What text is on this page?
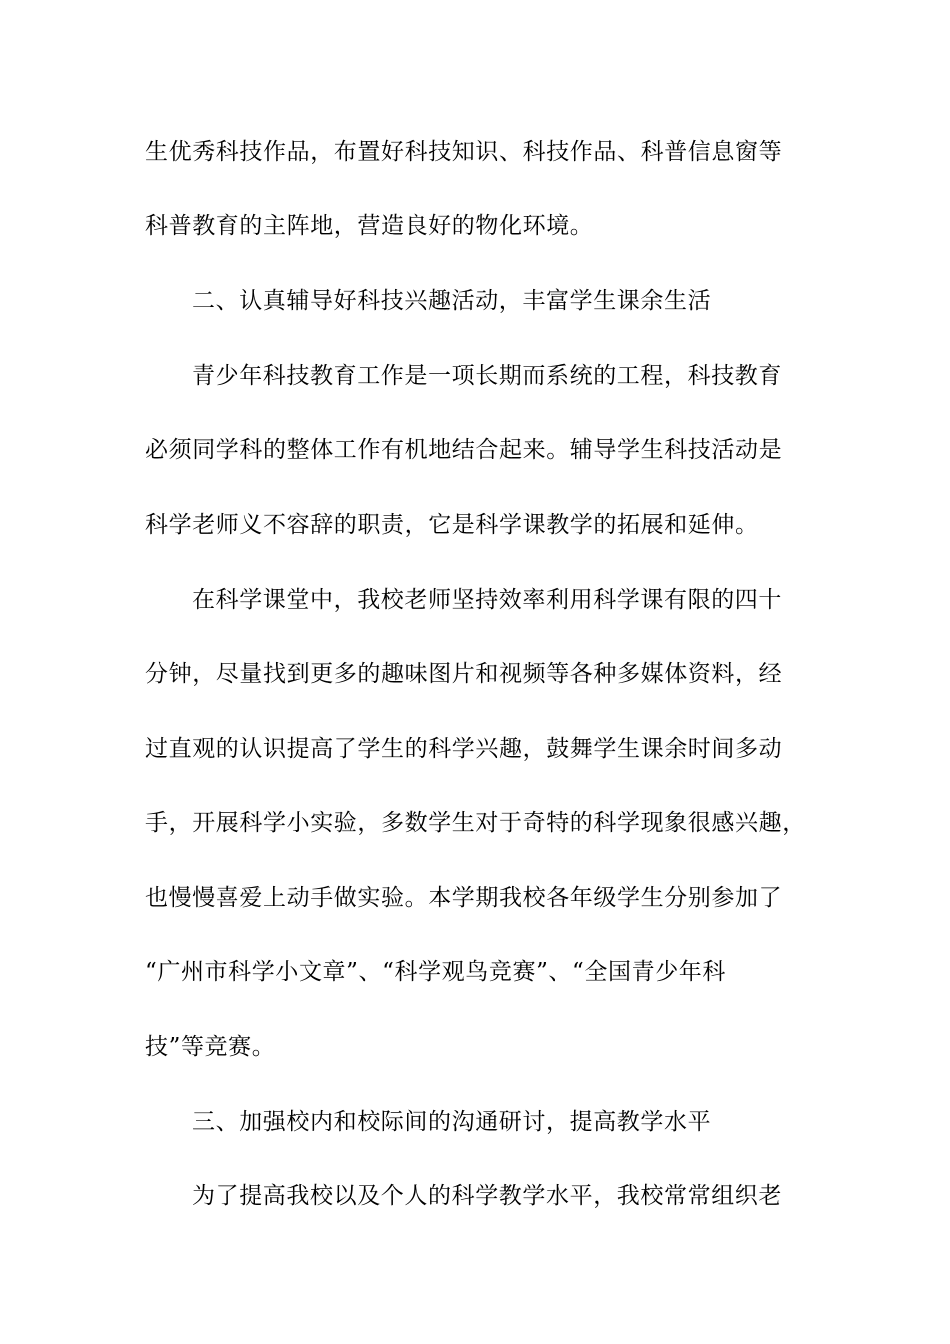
生优秀科技作品，布置好科技知识、科技作品、科普信息窗等
科普教育的主阵地，营造良好的物化环境。
二、认真辅导好科技兴趣活动，丰富学生课余生活
青少年科技教育工作是一项长期而系统的工程，科技教育
必须同学科的整体工作有机地结合起来。辅导学生科技活动是
科学老师义不容辞的职责，它是科学课教学的拓展和延伸。
在科学课堂中，我校老师坚持效率利用科学课有限的四十
分钟，尽量找到更多的趣味图片和视频等各种多媒体资料，经
过直观的认识提高了学生的科学兴趣，鼓舞学生课余时间多动
手，开展科学小实验，多数学生对于奇特的科学现象很感兴趣，
也慢慢喜爱上动手做实验。本学期我校各年级学生分别参加了
“广州市科学小文章”、“科学观鸟竞赛”、“全国青少年科
技”等竞赛。
三、加强校内和校际间的沟通研讨，提高教学水平
为了提高我校以及个人的科学教学水平，我校常常组织老
